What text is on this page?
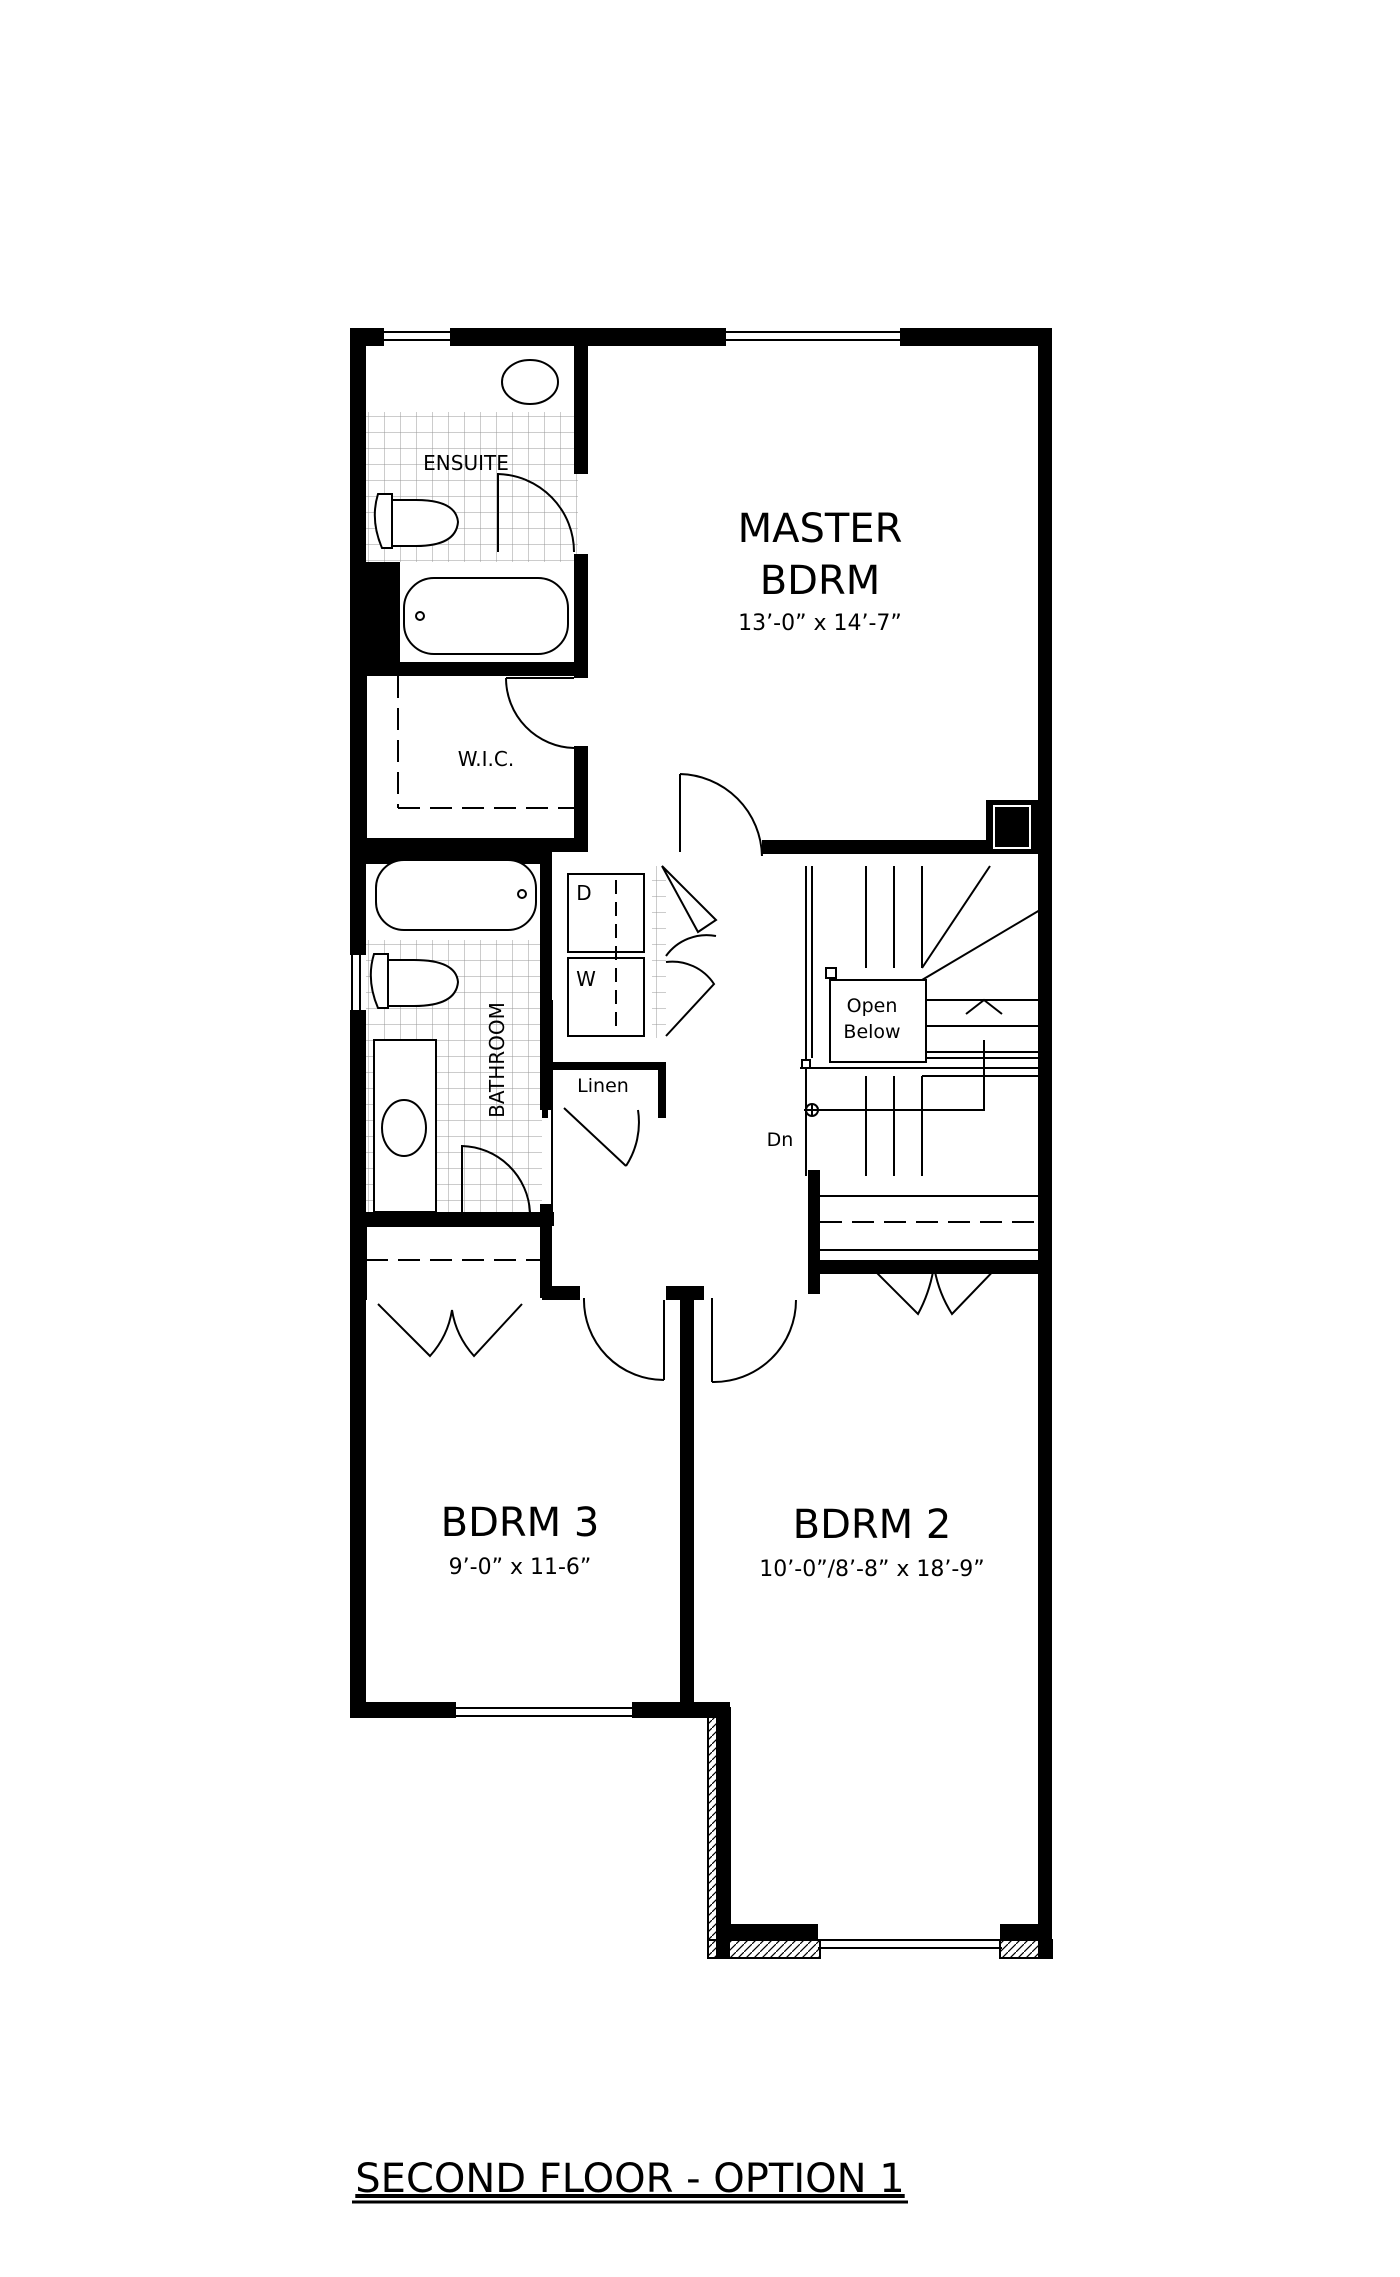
MASTER
BDRM
13’-0” x 14’-7”
ENSUITE
W.I.C.
BATHROOM	Linen
D
W
Open
Below
Dn
BDRM 3
9’-0” x 11-6”
BDRM 2
10’-0”/8’-8” x 18’-9”
SECOND FLOOR - OPTION 1
